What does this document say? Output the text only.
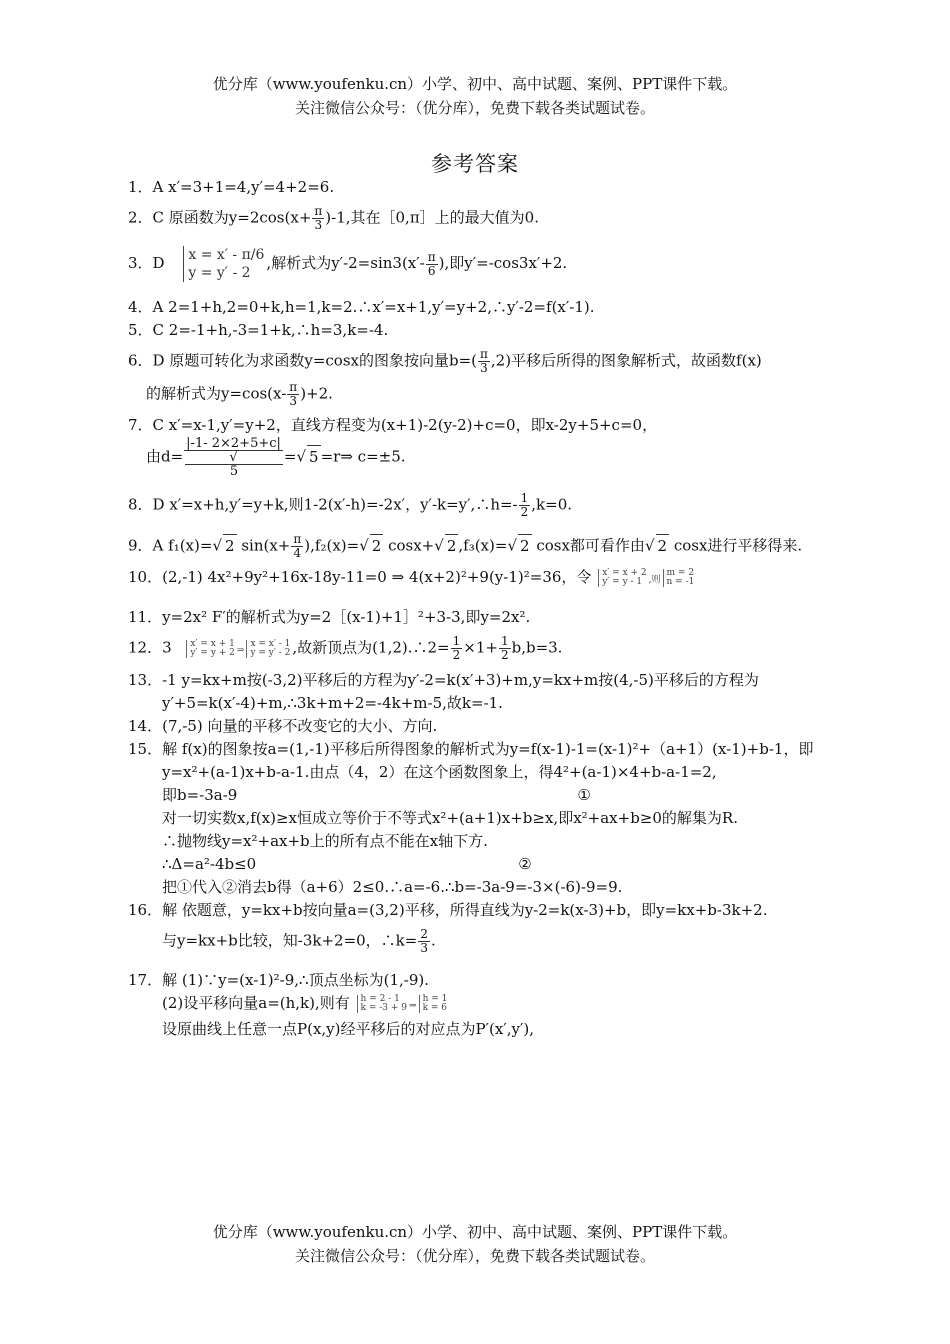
优分库（www.youfenku.cn）小学、初中、高中试题、案例、PPT课件下载。
关注微信公众号：（优分库），免费下载各类试题试卷。
参考答案
1．A x′=3+1=4,y′=4+2=6.
2．C 原函数为$y=2\cos(x+ \frac{\pi}{3} )-1$,其在［0,π］上的最大值为0.
3．D x = x′ - π/6
y = y′ - 2
,解析式为$y'-2=\sin 3(x'- \frac{\pi}{6}$ ),即y′=-cos3x′+2.
4．A 2=1+h,2=0+k,h=1,k=2.∴x′=x+1,y′=y+2,∴y′-2=f(x′-1).
5．C 2=-1+h,-3=1+k,∴h=3,k=-4.
6．D 原题可转化为求函数y=cosx的图象按向量$b=( \frac{\pi}{3} ,2)$平移后所得的图象解析式，故函数f(x)
的解析式为$y=\cos(x- \frac{\pi}{3} )+2$.
7．C x′=x-1,y′=y+2，直线方程变为(x+1)-2(y-2)+c=0，即x-2y+5+c=0，
由d= |-1- 2×2+5+c|
√
5 =√ 5 =r⇒ c=±5.
8．D x′=x+h,y′=y+k,则1-2(x′-h)=-2x′，y′-k=y′,∴h=- $\frac{1}{2} ,k=0$.
9．A f₁(x)=√ 2 $\sin(x+ \frac{\pi}{4} ),f_2(x)=√$ 2 cosx+√ 2 ,f₃(x)=√ 2 cosx都可看作由√ 2 cosx进行平移得来.
10．(2,-1) 4x²+9y²+16x-18y-11=0 ⇒ 4(x+2)²+9(y-1)²=36，令 x′ = x + 2
y′ = y - 1 ,则
m = 2
n = -1
11．y=2x² F′的解析式为y=2［(x-1)+1］²+3-3,即y=2x².
12．3 x′ = x + 1
y′ = y + 2 ⇒
x = x′ - 1
y = y′ - 2 ,故新顶点为(1,2).∴2= $\frac{1}{2} \times 1+ \frac{1}{2} b,b=3$.
13．-1 y=kx+m按(-3,2)平移后的方程为y′-2=k(x′+3)+m,y=kx+m按(4,-5)平移后的方程为
y′+5=k(x′-4)+m,∴3k+m+2=-4k+m-5,故k=-1.
14．(7,-5) 向量的平移不改变它的大小、方向.
15．解 f(x)的图象按a=(1,-1)平移后所得图象的解析式为y=f(x-1)-1=(x-1)²+（a+1）(x-1)+b-1，即
y=x²+(a-1)x+b-a-1.由点（4，2）在这个函数图象上，得4²+(a-1)×4+b-a-1=2,
即b=-3a-9	①
对一切实数x,f(x)≥x恒成立等价于不等式x²+(a+1)x+b≥x,即x²+ax+b≥0的解集为R.
∴抛物线y=x²+ax+b上的所有点不能在x轴下方.
∴Δ=a²-4b≤0	②
把①代入②消去b得（a+6）2≤0.∴a=-6.∴b=-3a-9=-3×(-6)-9=9.
16．解 依题意，y=kx+b按向量a=(3,2)平移，所得直线为y-2=k(x-3)+b，即y=kx+b-3k+2.
与y=kx+b比较，知-3k+2=0，∴k= $\frac{2}{3}$ .
17．解 (1)∵y=(x-1)²-9,∴顶点坐标为(1,-9).
(2)设平移向量a=(h,k),则有 h = 2 - 1
k = -3 + 9 ⇒
h = 1
k = 6
设原曲线上任意一点P(x,y)经平移后的对应点为P′(x′,y′),
优分库（www.youfenku.cn）小学、初中、高中试题、案例、PPT课件下载。
关注微信公众号：（优分库），免费下载各类试题试卷。
